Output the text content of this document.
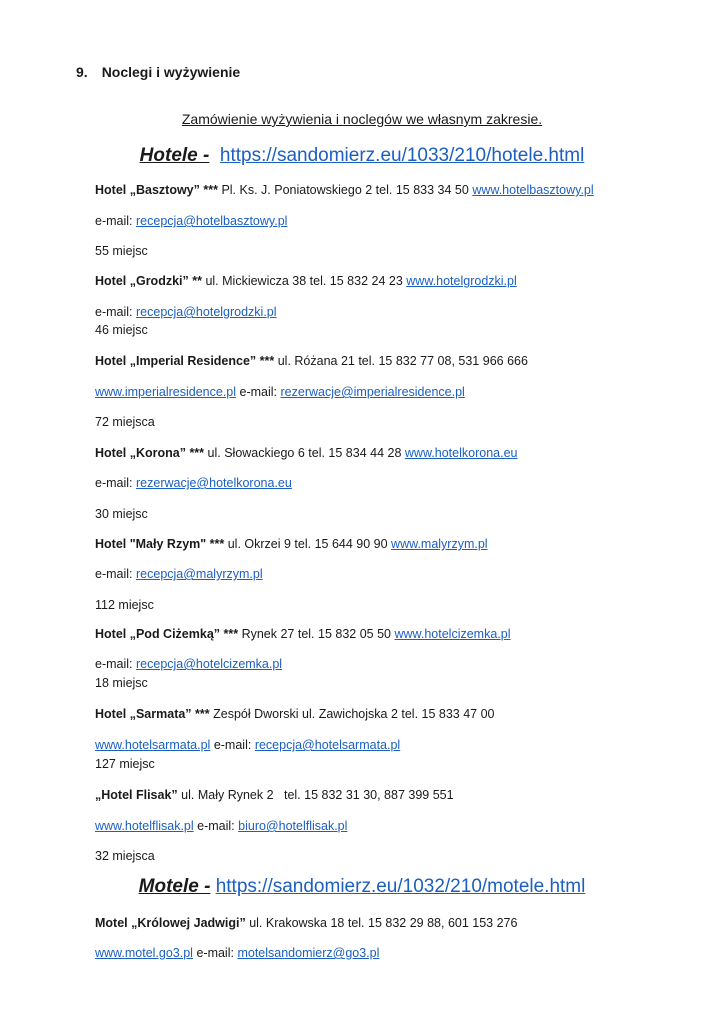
9. Noclegi i wyżywienie
Zamówienie wyżywienia i noclegów we własnym zakresie.
Hotele - https://sandomierz.eu/1033/210/hotele.html
Hotel „Basztowy” *** Pl. Ks. J. Poniatowskiego 2 tel. 15 833 34 50 www.hotelbasztowy.pl
e-mail: recepcja@hotelbasztowy.pl
55 miejsc
Hotel „Grodzki” ** ul. Mickiewicza 38 tel. 15 832 24 23 www.hotelgrodzki.pl
e-mail: recepcja@hotelgrodzki.pl
46 miejsc
Hotel „Imperial Residence” *** ul. Różana 21 tel. 15 832 77 08, 531 966 666
www.imperialresidence.pl e-mail: rezerwacje@imperialresidence.pl
72 miejsca
Hotel „Korona” *** ul. Słowackiego 6 tel. 15 834 44 28 www.hotelkorona.eu
e-mail: rezerwacje@hotelkorona.eu
30 miejsc
Hotel "Mały Rzym" *** ul. Okrzei 9 tel. 15 644 90 90 www.malyrzym.pl
e-mail: recepcja@malyrzym.pl
112 miejsc
Hotel „Pod Ciżemką” *** Rynek 27 tel. 15 832 05 50 www.hotelcizemka.pl
e-mail: recepcja@hotelcizemka.pl
18 miejsc
Hotel „Sarmata” *** Zespół Dworski ul. Zawichojska 2 tel. 15 833 47 00
www.hotelsarmata.pl e-mail: recepcja@hotelsarmata.pl
127 miejsc
„Hotel Flisak” ul. Mały Rynek 2   tel. 15 832 31 30, 887 399 551
www.hotelflisak.pl e-mail: biuro@hotelflisak.pl
32 miejsca
Motele - https://sandomierz.eu/1032/210/motele.html
Motel „Królowej Jadwigi” ul. Krakowska 18 tel. 15 832 29 88, 601 153 276
www.motel.go3.pl e-mail: motelsandomierz@go3.pl
